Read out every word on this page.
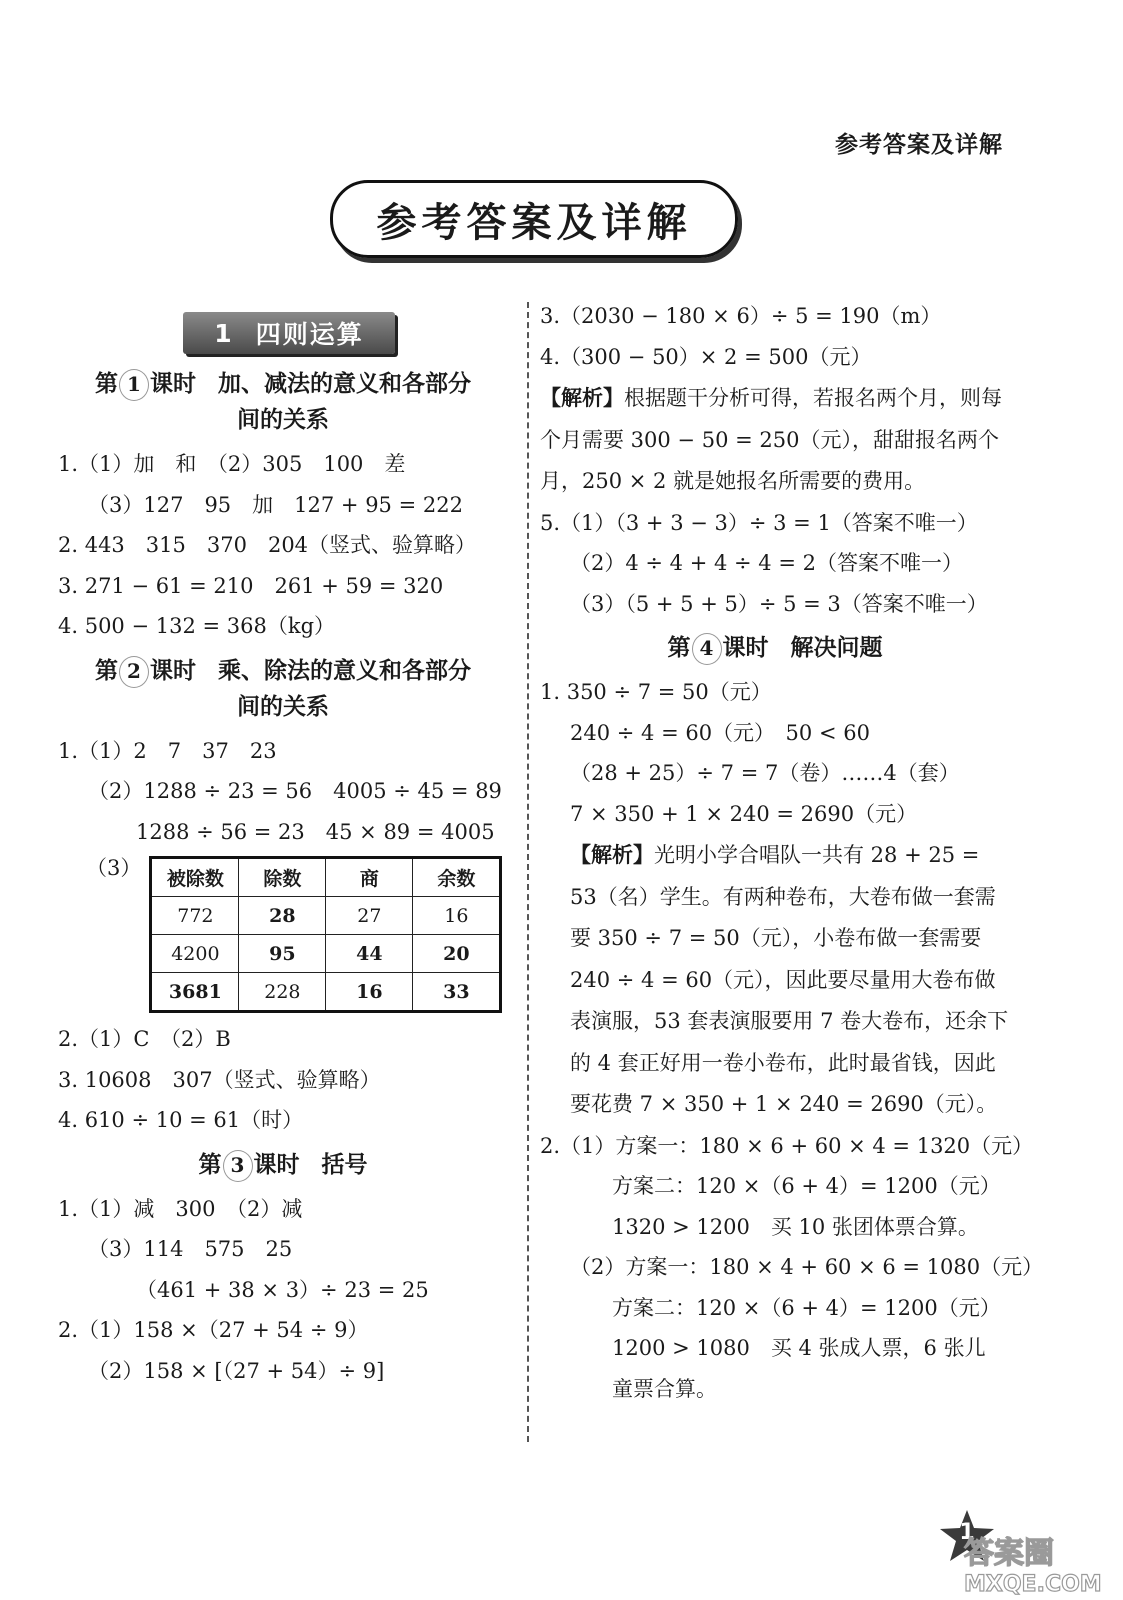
参考答案及详解
参考答案及详解
1 四则运算
第 1 课时 加、减法的意义和各部分
间的关系
1.（1）加　和　（2）305　100　差
（3）127　95　加　127 + 95 = 222
2. 443　315　370　204（竖式、验算略）
3. 271 − 61 = 210　261 + 59 = 320
4. 500 − 132 = 368（kg）
第 2 课时 乘、除法的意义和各部分
间的关系
1.（1）2　7　37　23
（2）1288 ÷ 23 = 56　4005 ÷ 45 = 89
1288 ÷ 56 = 23　45 × 89 = 4005
（3） 被除数	除数	商	余数
772	28	27	16
4200	95	44	20
3681	228	16	33
2.（1）C　（2）B
3. 10608　307（竖式、验算略）
4. 610 ÷ 10 = 61（时）
第 3 课时 括号
1.（1）减　300　（2）减
（3）114　575　25
（461 + 38 × 3）÷ 23 = 25
2.（1）158 ×（27 + 54 ÷ 9）
（2）158 × [（27 + 54）÷ 9]
3.（2030 − 180 × 6）÷ 5 = 190（m）
4.（300 − 50）× 2 = 500（元）
【解析】根据题干分析可得，若报名两个月，则每个月需要 300 − 50 = 250（元），甜甜报名两个月，250 × 2 就是她报名所需要的费用。
5.（1）（3 + 3 − 3）÷ 3 = 1（答案不唯一）
（2）4 ÷ 4 + 4 ÷ 4 = 2（答案不唯一）
（3）（5 + 5 + 5）÷ 5 = 3（答案不唯一）
第 4 课时 解决问题
1. 350 ÷ 7 = 50（元）
240 ÷ 4 = 60（元）　50 < 60
（28 + 25）÷ 7 = 7（卷）……4（套）
7 × 350 + 1 × 240 = 2690（元）
【解析】光明小学合唱队一共有 28 + 25 = 53（名）学生。有两种卷布，大卷布做一套需要 350 ÷ 7 = 50（元），小卷布做一套需要 240 ÷ 4 = 60（元），因此要尽量用大卷布做表演服，53 套表演服要用 7 卷大卷布，还余下的 4 套正好用一卷小卷布，此时最省钱，因此要花费 7 × 350 + 1 × 240 = 2690（元）。
2.（1）方案一：180 × 6 + 60 × 4 = 1320（元）
方案二：120 ×（6 + 4）= 1200（元）
1320 > 1200　买 10 张团体票合算。
（2）方案一：180 × 4 + 60 × 6 = 1080（元）
方案二：120 ×（6 + 4）= 1200（元）
1200 > 1080　买 4 张成人票，6 张儿
童票合算。
1
答案圈
MXQE.COM
